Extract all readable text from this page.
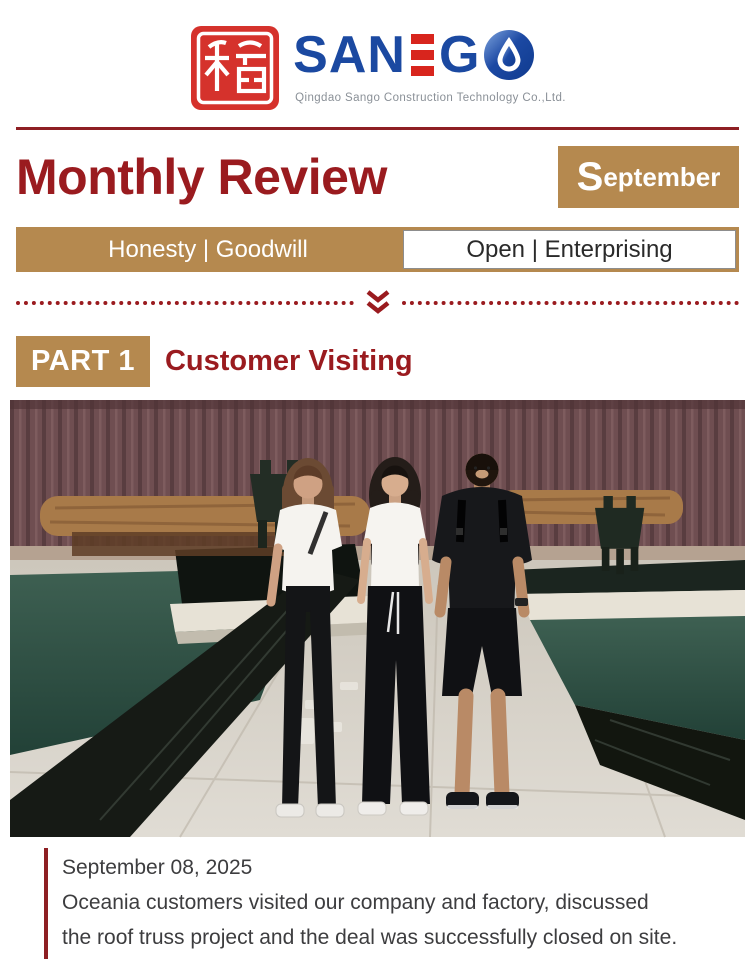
SAN G
Qingdao Sango Construction Technology Co.,Ltd.
Monthly Review	S eptember
Honesty | Goodwill	Open | Enterprising
PART 1	Customer Visiting
September 08, 2025
Oceania customers visited our company and factory, discussed
the roof truss project and the deal was successfully closed on site.
